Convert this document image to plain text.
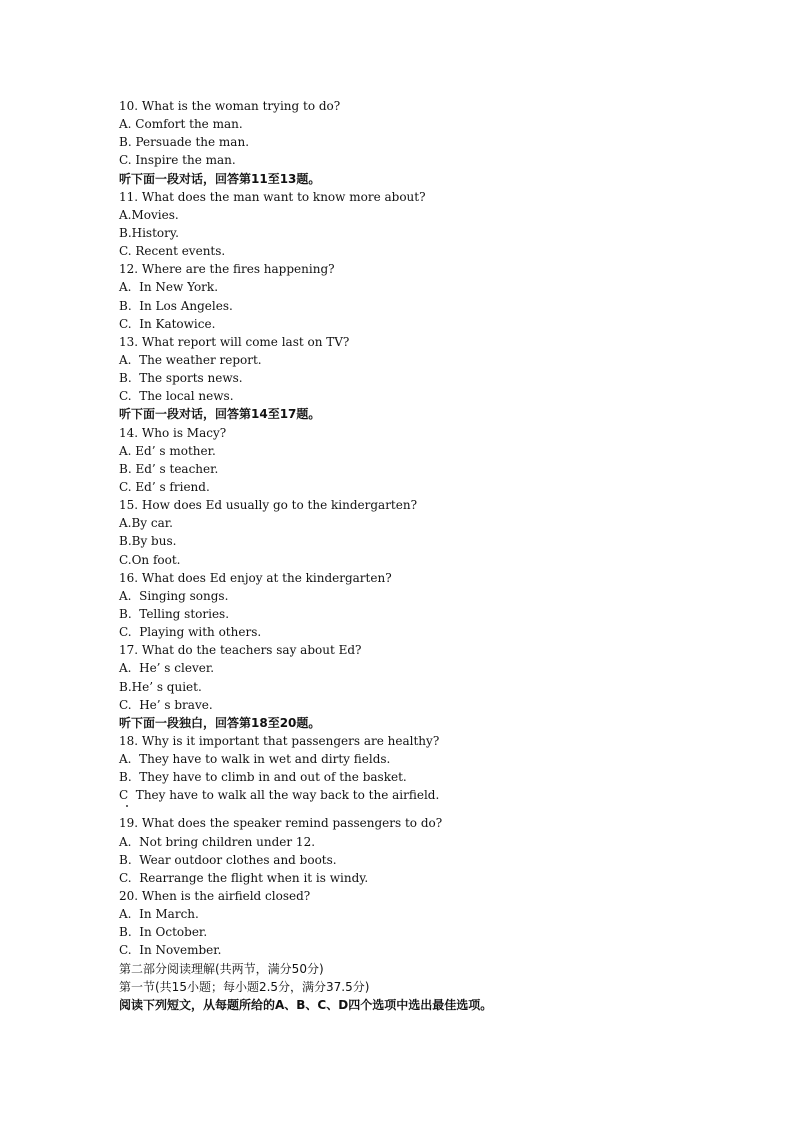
10. What is the woman trying to do?
A. Comfort the man.
B. Persuade the man.
C. Inspire the man.
听下面一段对话，回答第11至13题。
11. What does the man want to know more about?
A.Movies.
B.History.
C. Recent events.
12. Where are the fires happening?
A.  In New York.
B.  In Los Angeles.
C.  In Katowice.
13. What report will come last on TV?
A.  The weather report.
B.  The sports news.
C.  The local news.
听下面一段对话，回答第14至17题。
14. Who is Macy?
A. Ed’ s mother.
B. Ed’ s teacher.
C. Ed’ s friend.
15. How does Ed usually go to the kindergarten?
A.By car.
B.By bus.
C.On foot.
16. What does Ed enjoy at the kindergarten?
A.  Singing songs.
B.  Telling stories.
C.  Playing with others.
17. What do the teachers say about Ed?
A.  He’ s clever.
B.He’ s quiet.
C.  He’ s brave.
听下面一段独白，回答第18至20题。
18. Why is it important that passengers are healthy?
A.  They have to walk in wet and dirty fields.
B.  They have to climb in and out of the basket.
C  They have to walk all the way back to the airfield.
19. What does the speaker remind passengers to do?
A.  Not bring children under 12.
B.  Wear outdoor clothes and boots.
C.  Rearrange the flight when it is windy.
20. When is the airfield closed?
A.  In March.
B.  In October.
C.  In November.
第二部分阅读理解(共两节，满分50分)
第一节(共15小题；每小题2.5分，满分37.5分)
阅读下列短文，从每题所给的A、B、C、D四个选项中选出最佳选项。
